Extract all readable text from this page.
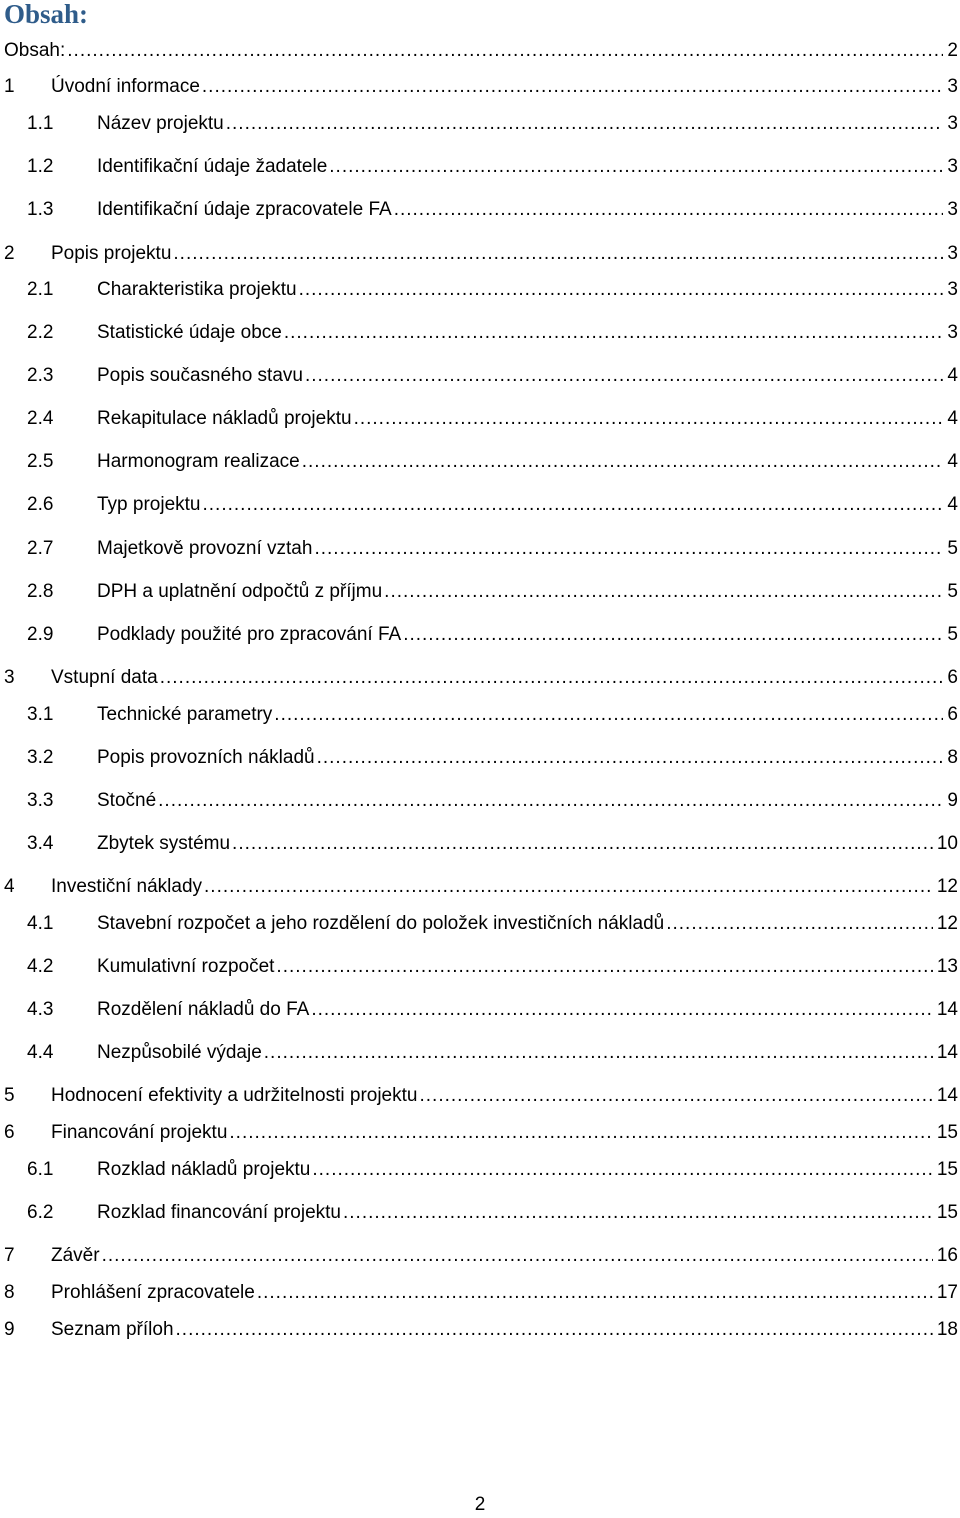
Obsah:
Obsah: .....	2
1	Úvodní informace .....	3
1.1	Název projektu .....	3
1.2	Identifikační údaje žadatele .....	3
1.3	Identifikační údaje zpracovatele FA .....	3
2	Popis projektu .....	3
2.1	Charakteristika projektu .....	3
2.2	Statistické údaje obce .....	3
2.3	Popis současného stavu .....	4
2.4	Rekapitulace nákladů projektu .....	4
2.5	Harmonogram realizace .....	4
2.6	Typ projektu .....	4
2.7	Majetkově provozní vztah .....	5
2.8	DPH a uplatnění odpočtů z příjmu .....	5
2.9	Podklady použité pro zpracování FA .....	5
3	Vstupní data .....	6
3.1	Technické parametry .....	6
3.2	Popis provozních nákladů .....	8
3.3	Stočné .....	9
3.4	Zbytek systému .....	10
4	Investiční náklady .....	12
4.1	Stavební rozpočet a jeho rozdělení do položek investičních nákladů .....	12
4.2	Kumulativní rozpočet .....	13
4.3	Rozdělení nákladů do FA .....	14
4.4	Nezpůsobilé výdaje .....	14
5	Hodnocení efektivity a udržitelnosti projektu .....	14
6	Financování projektu .....	15
6.1	Rozklad nákladů projektu .....	15
6.2	Rozklad financování projektu .....	15
7	Závěr .....	16
8	Prohlášení zpracovatele .....	17
9	Seznam příloh .....	18
2
